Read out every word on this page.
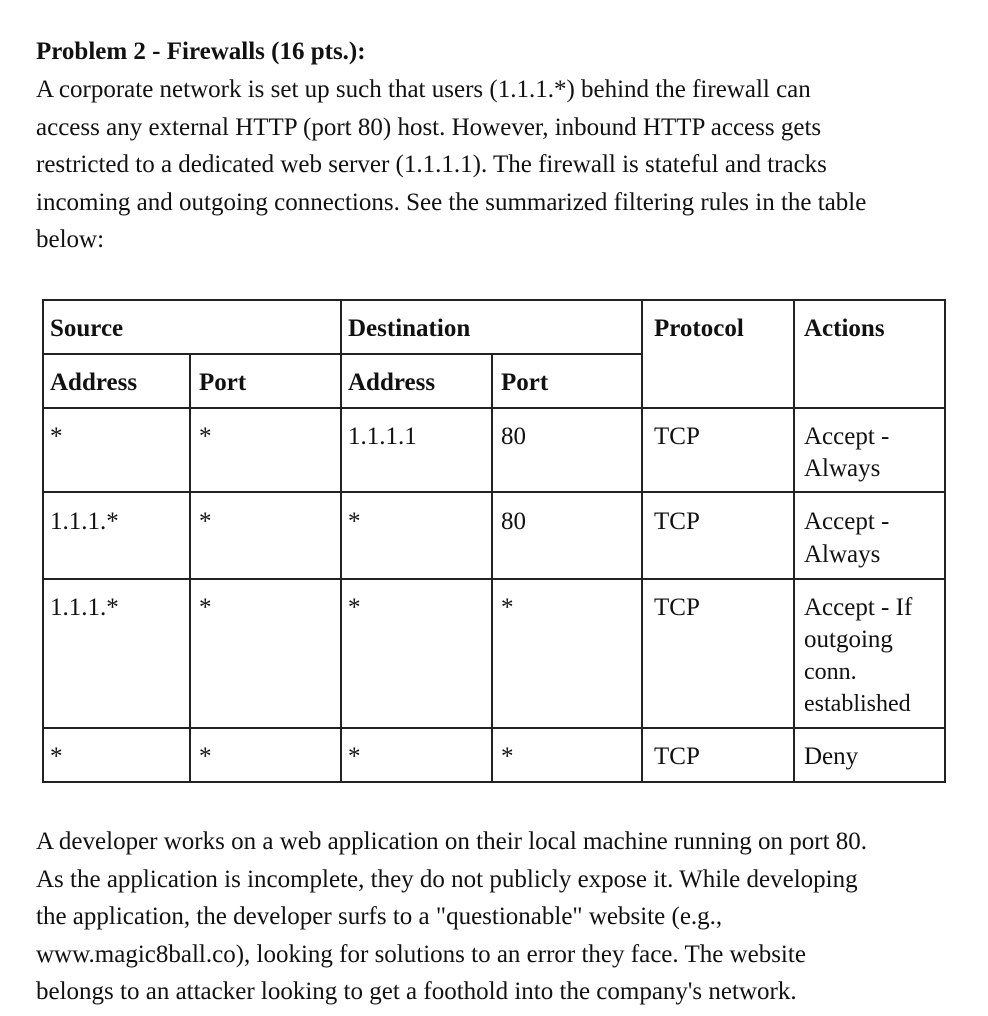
Problem 2 - Firewalls (16 pts.):
A corporate network is set up such that users (1.1.1.*) behind the firewall can
access any external HTTP (port 80) host. However, inbound HTTP access gets
restricted to a dedicated web server (1.1.1.1). The firewall is stateful and tracks
incoming and outgoing connections. See the summarized filtering rules in the table
below:
Source	Destination	Protocol Actions
Address Port	Address	Port
*	*	1.1.1.1	80	TCP	Accept -
Always
1.1.1.*	*	*	80	TCP	Accept -
Always
1.1.1.*	*	*	*	TCP	Accept - If
outgoing
conn.
established
*	*	*	*	TCP	Deny
A developer works on a web application on their local machine running on port 80.
As the application is incomplete, they do not publicly expose it. While developing
the application, the developer surfs to a "questionable" website (e.g.,
www.magic8ball.co), looking for solutions to an error they face. The website
belongs to an attacker looking to get a foothold into the company's network.
